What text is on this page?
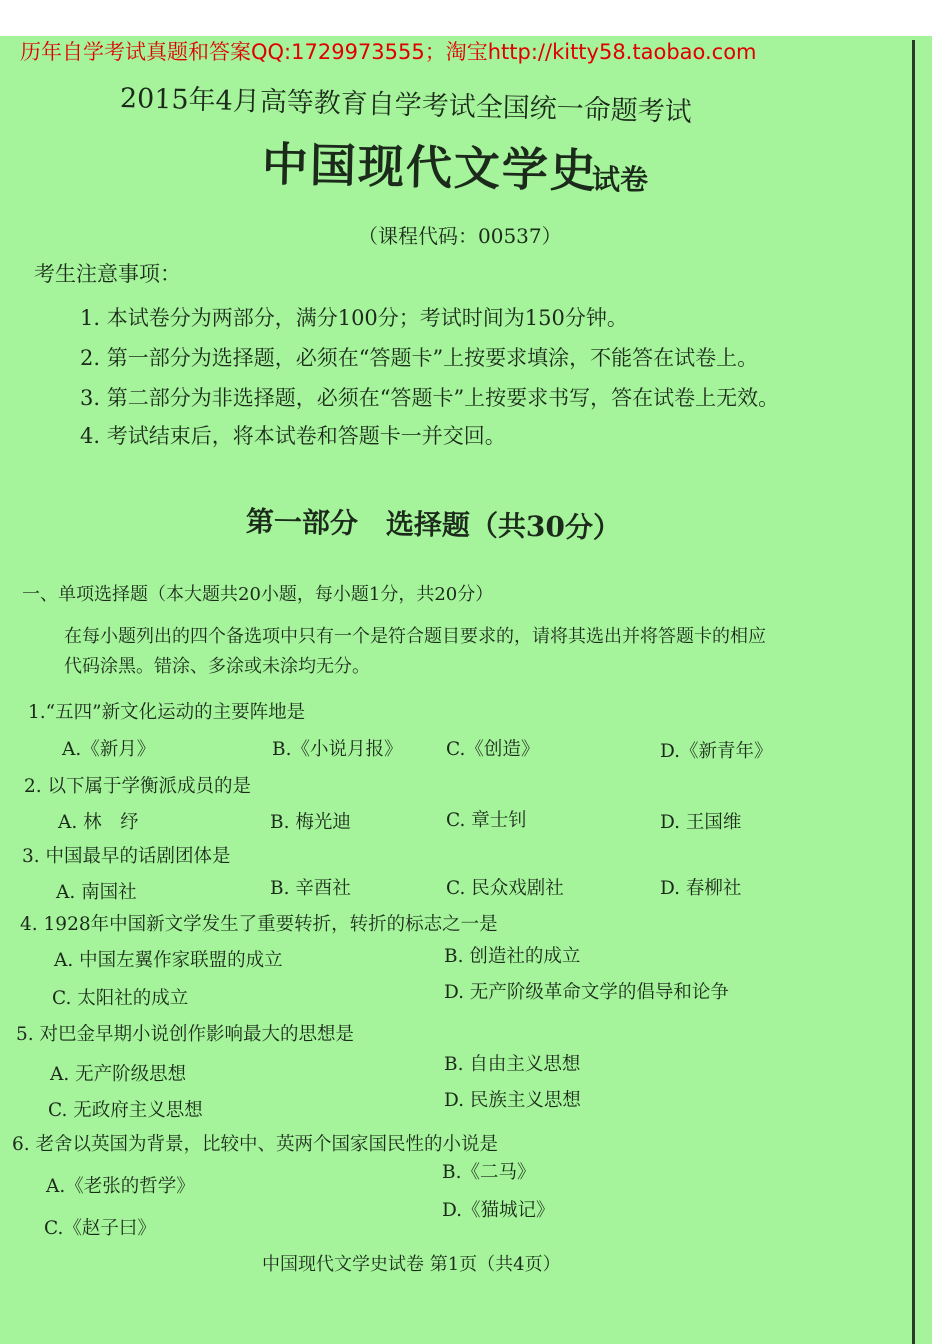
历年自学考试真题和答案QQ:1729973555；淘宝http://kitty58.taobao.com
2015年4月高等教育自学考试全国统一命题考试
中国现代文学史
试卷
（课程代码：00537）
考生注意事项：
1. 本试卷分为两部分，满分100分；考试时间为150分钟。
2. 第一部分为选择题，必须在“答题卡”上按要求填涂，不能答在试卷上。
3. 第二部分为非选择题，必须在“答题卡”上按要求书写，答在试卷上无效。
4. 考试结束后，将本试卷和答题卡一并交回。
第一部分　选择题（共30分）
一、单项选择题（本大题共20小题，每小题1分，共20分）
在每小题列出的四个备选项中只有一个是符合题目要求的，请将其选出并将答题卡的相应
代码涂黑。错涂、多涂或未涂均无分。
1.“五四”新文化运动的主要阵地是
A.《新月》	B.《小说月报》 C.《创造》	D.《新青年》
2. 以下属于学衡派成员的是
A. 林　纾	B. 梅光迪	C. 章士钊	D. 王国维
3. 中国最早的话剧团体是
A. 南国社	B. 辛酉社	C. 民众戏剧社	D. 春柳社
4. 1928年中国新文学发生了重要转折，转折的标志之一是
A. 中国左翼作家联盟的成立	B. 创造社的成立
C. 太阳社的成立	D. 无产阶级革命文学的倡导和论争
5. 对巴金早期小说创作影响最大的思想是
A. 无产阶级思想	B. 自由主义思想
C. 无政府主义思想	D. 民族主义思想
6. 老舍以英国为背景，比较中、英两个国家国民性的小说是
A.《老张的哲学》
B.《二马》
C.《赵子曰》
D.《猫城记》
中国现代文学史试卷 第1页（共4页）
